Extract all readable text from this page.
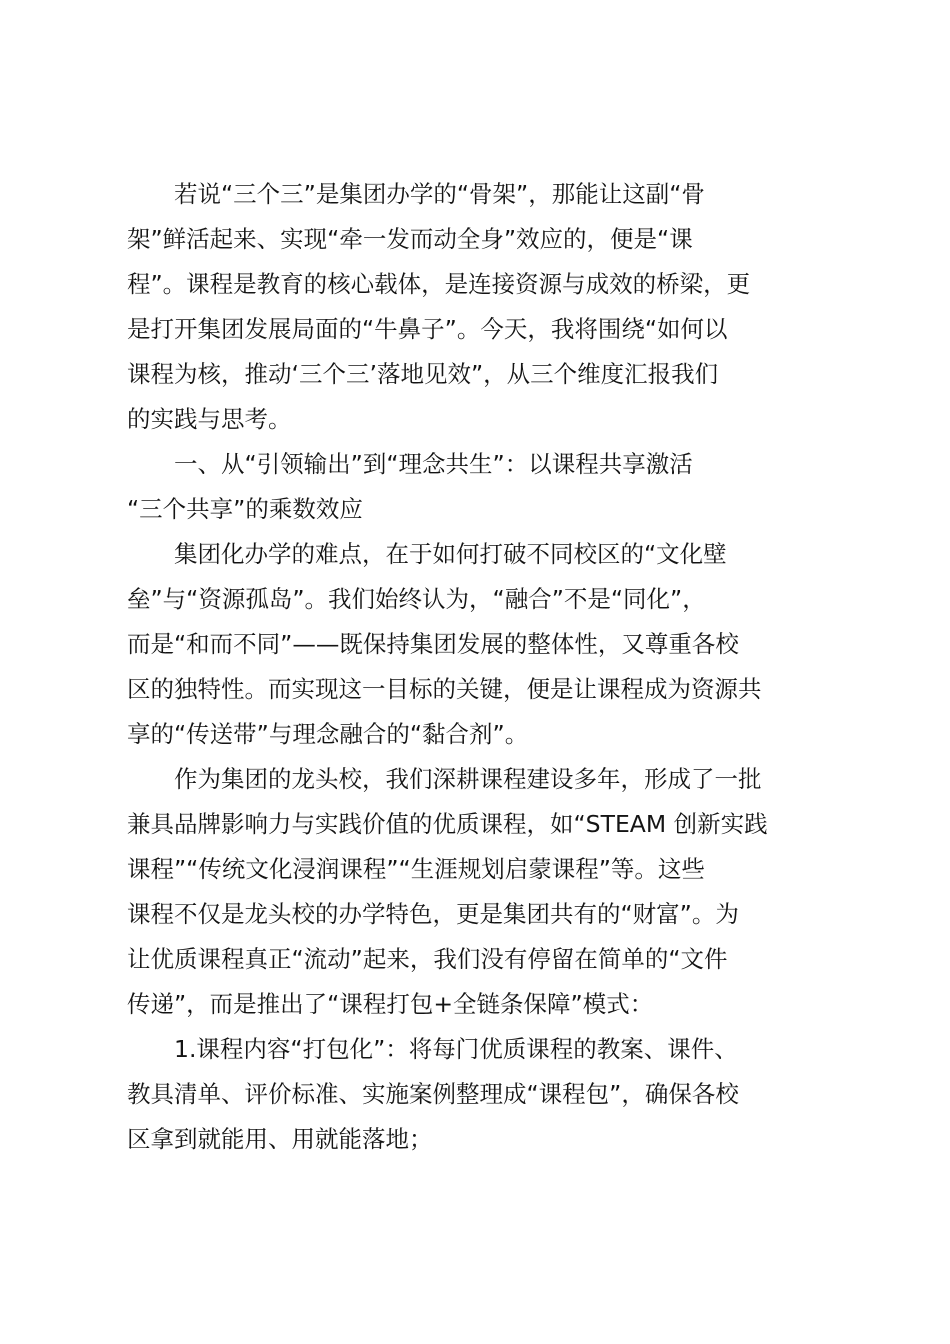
若说“三个三”是集团办学的“骨架”，那能让这副“骨
架”鲜活起来、实现“牵一发而动全身”效应的，便是“课
程”。课程是教育的核心载体，是连接资源与成效的桥梁，更
是打开集团发展局面的“牛鼻子”。今天，我将围绕“如何以
课程为核，推动‘三个三’落地见效”，从三个维度汇报我们
的实践与思考。

一、从“引领输出”到“理念共生”：以课程共享激活
“三个共享”的乘数效应

集团化办学的难点，在于如何打破不同校区的“文化壁
垒”与“资源孤岛”。我们始终认为，“融合”不是“同化”，
而是“和而不同”——既保持集团发展的整体性，又尊重各校
区的独特性。而实现这一目标的关键，便是让课程成为资源共
享的“传送带”与理念融合的“黏合剂”。

作为集团的龙头校，我们深耕课程建设多年，形成了一批
兼具品牌影响力与实践价值的优质课程，如“STEAM 创新实践
课程”“传统文化浸润课程”“生涯规划启蒙课程”等。这些
课程不仅是龙头校的办学特色，更是集团共有的“财富”。为
让优质课程真正“流动”起来，我们没有停留在简单的“文件
传递”，而是推出了“课程打包+全链条保障”模式：

1.课程内容“打包化”：将每门优质课程的教案、课件、
教具清单、评价标准、实施案例整理成“课程包”，确保各校
区拿到就能用、用就能落地；
